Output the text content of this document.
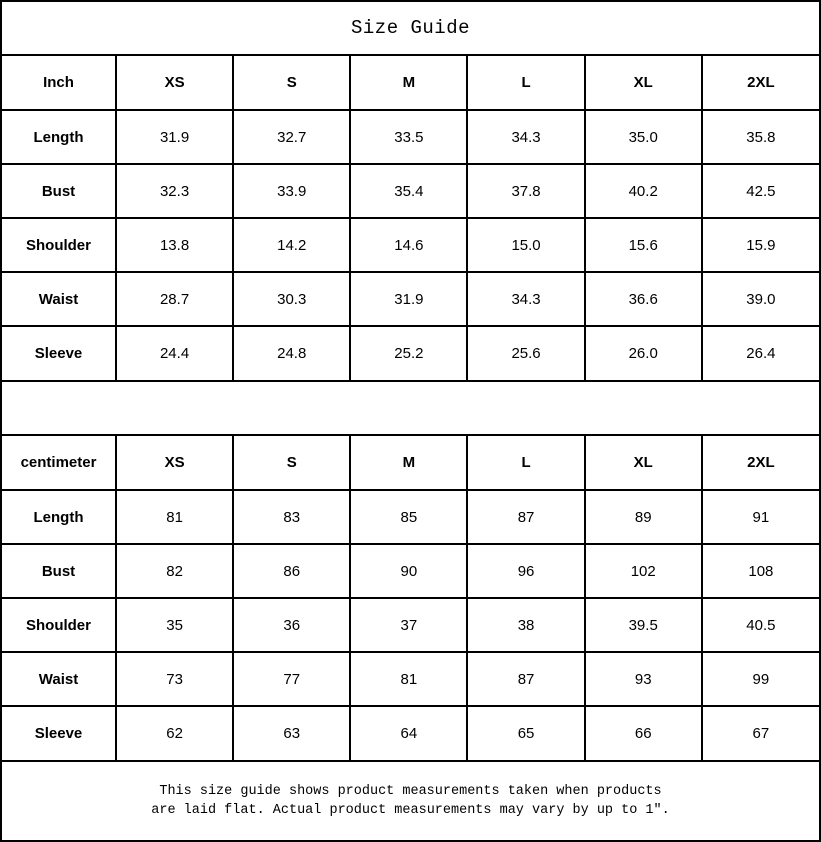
Size Guide
Inch	XS	S	M	L	XL	2XL
Length	31.9	32.7	33.5	34.3	35.0	35.8
Bust	32.3	33.9	35.4	37.8	40.2	42.5
Shoulder	13.8	14.2	14.6	15.0	15.6	15.9
Waist	28.7	30.3	31.9	34.3	36.6	39.0
Sleeve	24.4	24.8	25.2	25.6	26.0	26.4
centimeter	XS	S	M	L	XL	2XL
Length	81	83	85	87	89	91
Bust	82	86	90	96	102	108
Shoulder	35	36	37	38	39.5	40.5
Waist	73	77	81	87	93	99
Sleeve	62	63	64	65	66	67
This size guide shows product measurements taken when products
are laid flat. Actual product measurements may vary by up to 1″.
